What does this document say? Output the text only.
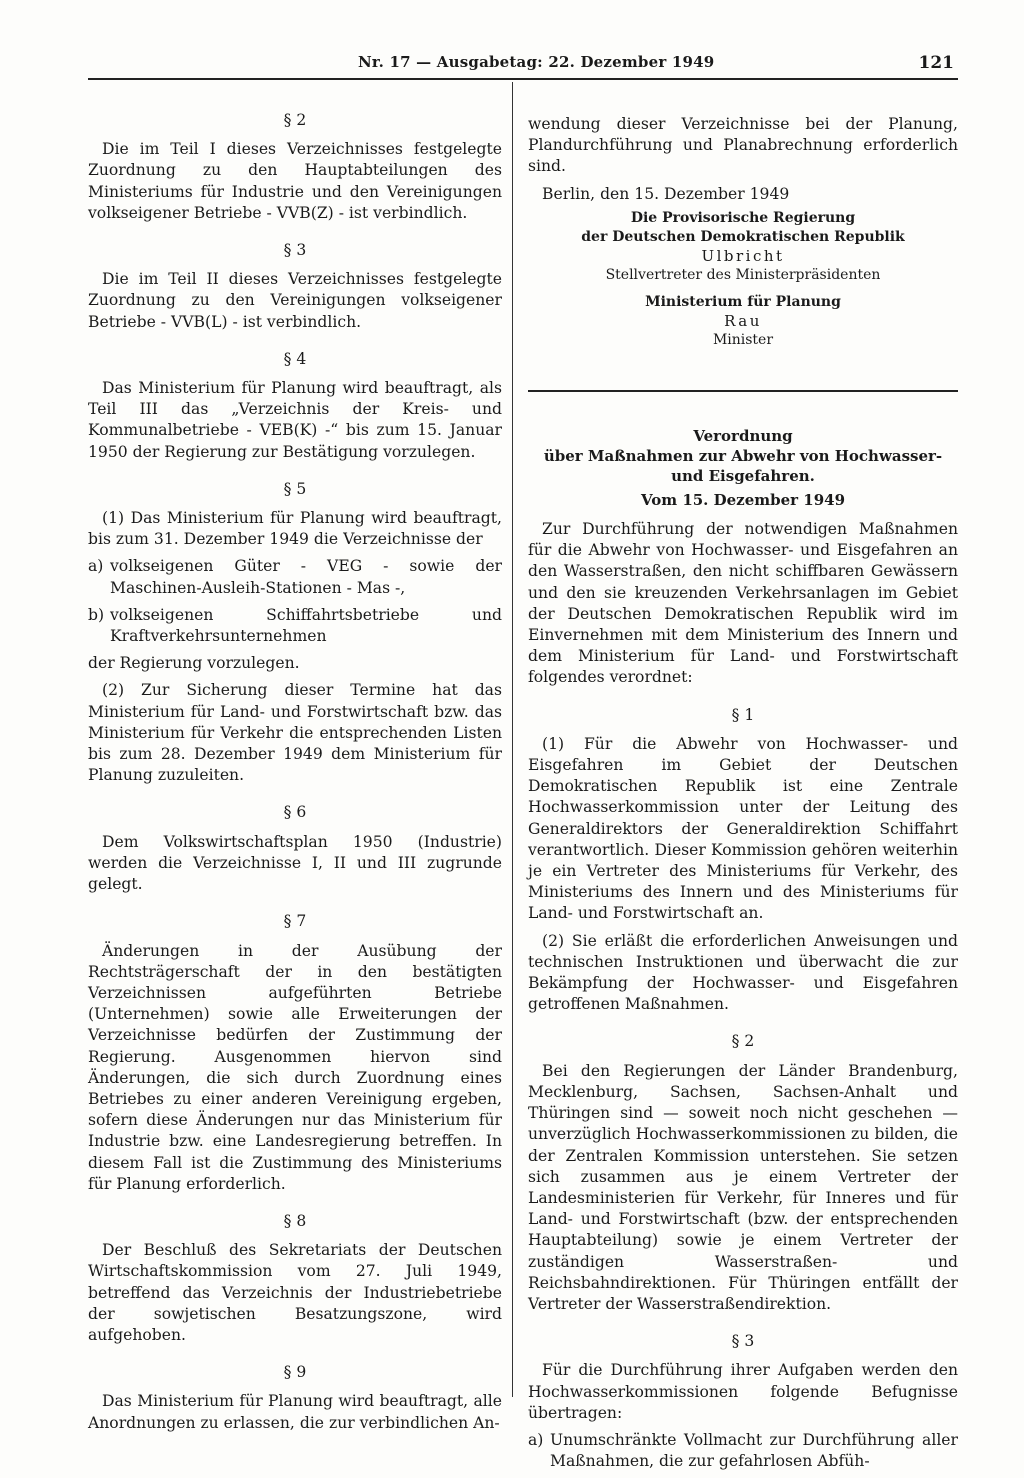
Nr. 17 — Ausgabetag: 22. Dezember 1949	121
§ 2

Die im Teil I dieses Verzeichnisses festgelegte Zuordnung zu den Hauptabteilungen des Ministeriums für Industrie und den Vereinigungen volkseigener Betriebe - VVB(Z) - ist verbindlich.

§ 3

Die im Teil II dieses Verzeichnisses festgelegte Zuordnung zu den Vereinigungen volkseigener Betriebe - VVB(L) - ist verbindlich.

§ 4

Das Ministerium für Planung wird beauftragt, als Teil III das „Verzeichnis der Kreis- und Kommunalbetriebe - VEB(K) -“ bis zum 15. Januar 1950 der Regierung zur Bestätigung vorzulegen.

§ 5

(1) Das Ministerium für Planung wird beauftragt, bis zum 31. Dezember 1949 die Verzeichnisse der

a) volkseigenen Güter - VEG - sowie der Maschinen-Ausleih-Stationen - Mas -,
b) volkseigenen Schiffahrtsbetriebe und Kraftverkehrsunternehmen

der Regierung vorzulegen.

(2) Zur Sicherung dieser Termine hat das Ministerium für Land- und Forstwirtschaft bzw. das Ministerium für Verkehr die entsprechenden Listen bis zum 28. Dezember 1949 dem Ministerium für Planung zuzuleiten.

§ 6

Dem Volkswirtschaftsplan 1950 (Industrie) werden die Verzeichnisse I, II und III zugrunde gelegt.

§ 7

Änderungen in der Ausübung der Rechtsträgerschaft der in den bestätigten Verzeichnissen aufgeführten Betriebe (Unternehmen) sowie alle Erweiterungen der Verzeichnisse bedürfen der Zustimmung der Regierung. Ausgenommen hiervon sind Änderungen, die sich durch Zuordnung eines Betriebes zu einer anderen Vereinigung ergeben, sofern diese Änderungen nur das Ministerium für Industrie bzw. eine Landesregierung betreffen. In diesem Fall ist die Zustimmung des Ministeriums für Planung erforderlich.

§ 8

Der Beschluß des Sekretariats der Deutschen Wirtschaftskommission vom 27. Juli 1949, betreffend das Verzeichnis der Industriebetriebe der sowjetischen Besatzungszone, wird aufgehoben.

§ 9

Das Ministerium für Planung wird beauftragt, alle Anordnungen zu erlassen, die zur verbindlichen An-

wendung dieser Verzeichnisse bei der Planung, Plandurchführung und Planabrechnung erforderlich sind.

Berlin, den 15. Dezember 1949

Die Provisorische Regierung
der Deutschen Demokratischen Republik
Ulbricht
Stellvertreter des Ministerpräsidenten
Ministerium für Planung
Rau
Minister
Verordnung
über Maßnahmen zur Abwehr von Hochwasser- und Eisgefahren.
Vom 15. Dezember 1949

Zur Durchführung der notwendigen Maßnahmen für die Abwehr von Hochwasser- und Eisgefahren an den Wasserstraßen, den nicht schiffbaren Gewässern und den sie kreuzenden Verkehrsanlagen im Gebiet der Deutschen Demokratischen Republik wird im Einvernehmen mit dem Ministerium des Innern und dem Ministerium für Land- und Forstwirtschaft folgendes verordnet:

§ 1

(1) Für die Abwehr von Hochwasser- und Eisgefahren im Gebiet der Deutschen Demokratischen Republik ist eine Zentrale Hochwasserkommission unter der Leitung des Generaldirektors der Generaldirektion Schiffahrt verantwortlich. Dieser Kommission gehören weiterhin je ein Vertreter des Ministeriums für Verkehr, des Ministeriums des Innern und des Ministeriums für Land- und Forstwirtschaft an.

(2) Sie erläßt die erforderlichen Anweisungen und technischen Instruktionen und überwacht die zur Bekämpfung der Hochwasser- und Eisgefahren getroffenen Maßnahmen.

§ 2

Bei den Regierungen der Länder Brandenburg, Mecklenburg, Sachsen, Sachsen-Anhalt und Thüringen sind — soweit noch nicht geschehen — unverzüglich Hochwasserkommissionen zu bilden, die der Zentralen Kommission unterstehen. Sie setzen sich zusammen aus je einem Vertreter der Landesministerien für Verkehr, für Inneres und für Land- und Forstwirtschaft (bzw. der entsprechenden Hauptabteilung) sowie je einem Vertreter der zuständigen Wasserstraßen- und Reichsbahndirektionen. Für Thüringen entfällt der Vertreter der Wasserstraßendirektion.

§ 3

Für die Durchführung ihrer Aufgaben werden den Hochwasserkommissionen folgende Befugnisse übertragen:

a) Unumschränkte Vollmacht zur Durchführung aller Maßnahmen, die zur gefahrlosen Abfüh-
